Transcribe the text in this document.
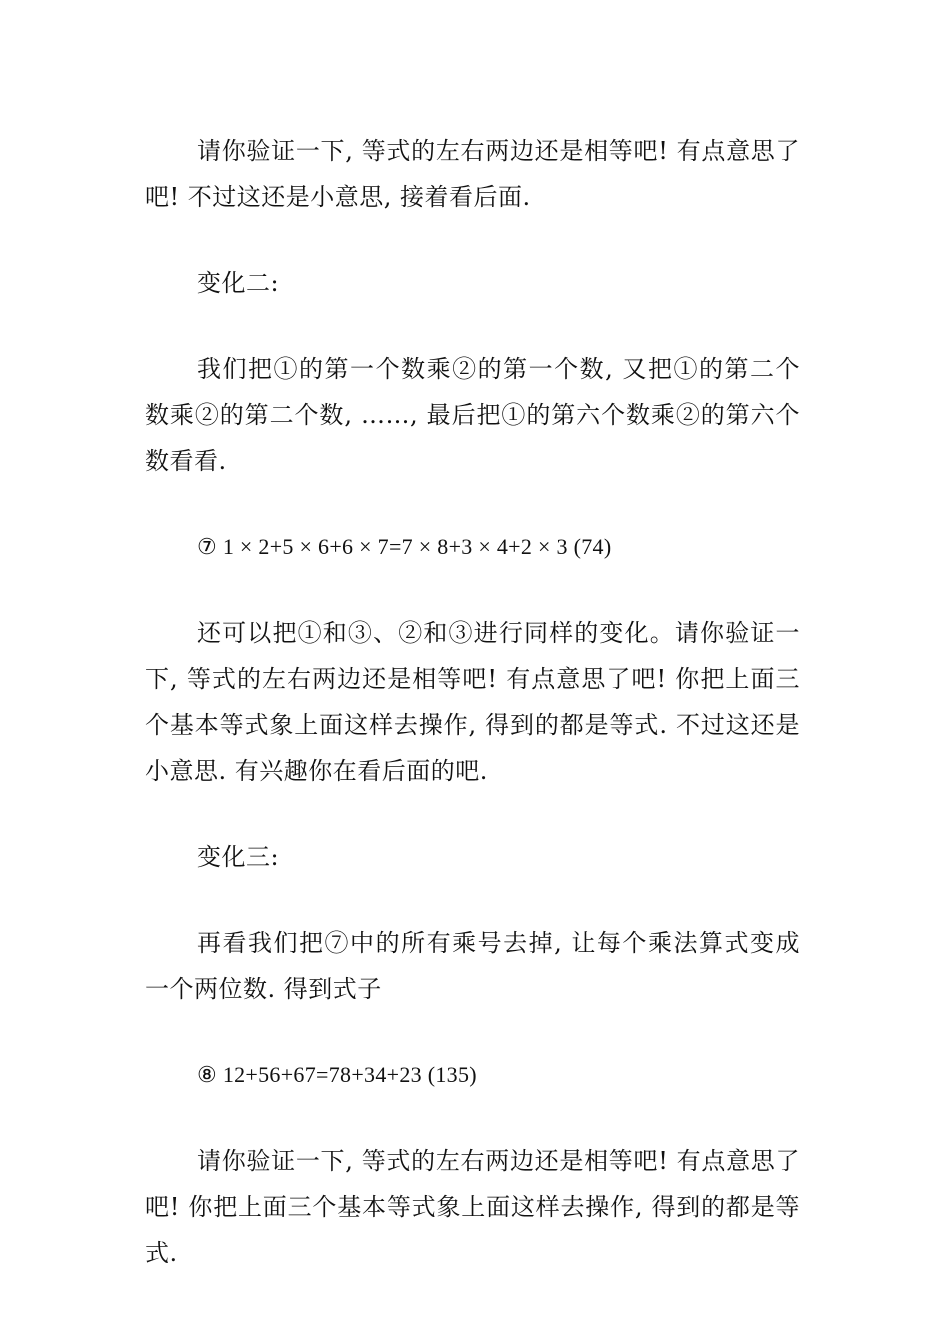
请你验证一下, 等式的左右两边还是相等吧! 有点意思了吧! 不过这还是小意思, 接着看后面.

变化二:

我们把①的第一个数乘②的第一个数, 又把①的第二个数乘②的第二个数, ……, 最后把①的第六个数乘②的第六个数看看.

⑦ 1 × 2+5 × 6+6 × 7=7 × 8+3 × 4+2 × 3 (74)

还可以把①和③、②和③进行同样的变化。请你验证一下, 等式的左右两边还是相等吧! 有点意思了吧! 你把上面三个基本等式象上面这样去操作, 得到的都是等式. 不过这还是小意思. 有兴趣你在看后面的吧.

变化三:

再看我们把⑦中的所有乘号去掉, 让每个乘法算式变成一个两位数. 得到式子

⑧ 12+56+67=78+34+23 (135)

请你验证一下, 等式的左右两边还是相等吧! 有点意思了吧! 你把上面三个基本等式象上面这样去操作, 得到的都是等式.
